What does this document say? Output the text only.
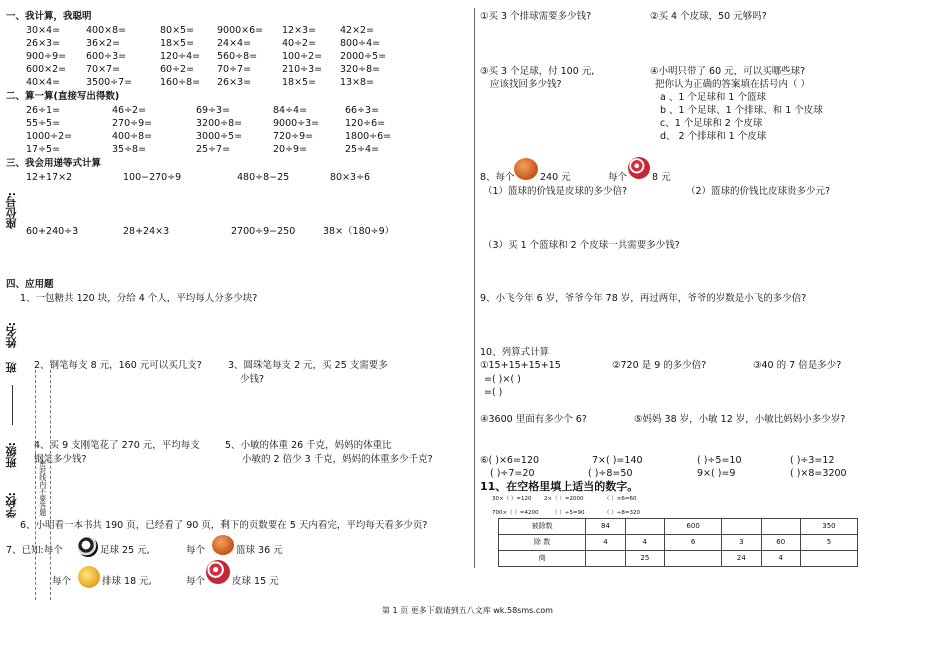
一、我计算，我聪明
30×4=	400×8=	80×5= 9000×6= 12×3=	42×2=
26×3=	36×2=	18×5= 24×4=	40÷2=	800÷4=
900÷9= 600÷3=	120÷4= 560÷8=	100÷2= 2000÷5=
600×2= 70×7=	60÷2= 70÷7=	210÷3= 320÷8=
40×4=	3500÷7=	160÷8= 26×3=	18×5=	13×8=
二、算一算(直接写出得数)
26÷1=	46÷2=	69÷3=	84÷4=	66÷3=
55÷5=	270÷9=	3200÷8=	9000÷3=	120÷6=
1000÷2=	400÷8=	3000÷5=	720÷9=	1800÷6=
17÷5=	35÷8=	25÷7=	20÷9=	25÷4=
三、我会用递等式计算
12+17×2	100−270÷9	480÷8−25	80×3÷6
60+240÷3	28+24×3	2700÷9−250	38×（180÷9）
四、应用题
1、一包糖共 120 块，分给 4 个人，平均每人分多少块?
2、钢笔每支 8 元，160 元可以买几支?	3、圆珠笔每支 2 元，买 25 支需要多
少钱?
4、买 9 支刚笔花了 270 元，平均每支
钢笔多少钱?
5、小敏的体重 26 千克，妈妈的体重比
小敏的 2 倍少 3 千克，妈妈的体重多少千克?
6、小明看一本书共 190 页，已经看了 90 页，剩下的页数要在 5 天内看完，平均每天看多少页?
7、已知:每个	足球 25 元,	每个	篮球 36 元
每个	排球 18 元,	每个	皮球 15 元
座位号:
姓名:
班
班级:
学校:	密封线内不要答题
①买 3 个排球需要多少钱?	②买 4 个皮球，50 元够吗?
③买 3 个足球，付 100 元,
应该找回多少钱?
④小明只带了 60 元，可以买哪些球?
把你认为正确的答案填在括号内（ ）
a 、1 个足球和 1 个篮球
b 、1 个足球、1 个排球、和 1 个皮球
c、1 个足球和 2 个皮球
d、 2 个排球和 1 个皮球
8、每个	240 元	每个	8 元
（1）篮球的价钱是皮球的多少倍?	（2）篮球的价钱比皮球贵多少元?
（3）买 1 个篮球和 2 个皮球一共需要多少钱?
9、小飞今年 6 岁，爷爷今年 78 岁，再过两年，爷爷的岁数是小飞的多少倍?
10、列算式计算
①15+15+15+15	②720 是 9 的多少倍?	③40 的 7 倍是多少?
=( )×( )
=( )
④3600 里面有多少个 6?	⑤妈妈 38 岁，小敏 12 岁，小敏比妈妈小多少岁?
⑥( )×6=120	7×( )=140	( )÷5=10	( )÷3=12
( )÷7=20	( )÷8=50	9×( )=9	( )×8=3200
11、在空格里填上适当的数字。
30×（ ）=120 2×（ ）=2000	（ ）×6=60
700×（ ）=4200 （ ）÷5=90	（ ）÷8=320
被除数	84		600			350
除 数	4	4	6	3	60	5
商		25		24	4	
第 1 页 更多下载请到五八文库 wk.58sms.com
